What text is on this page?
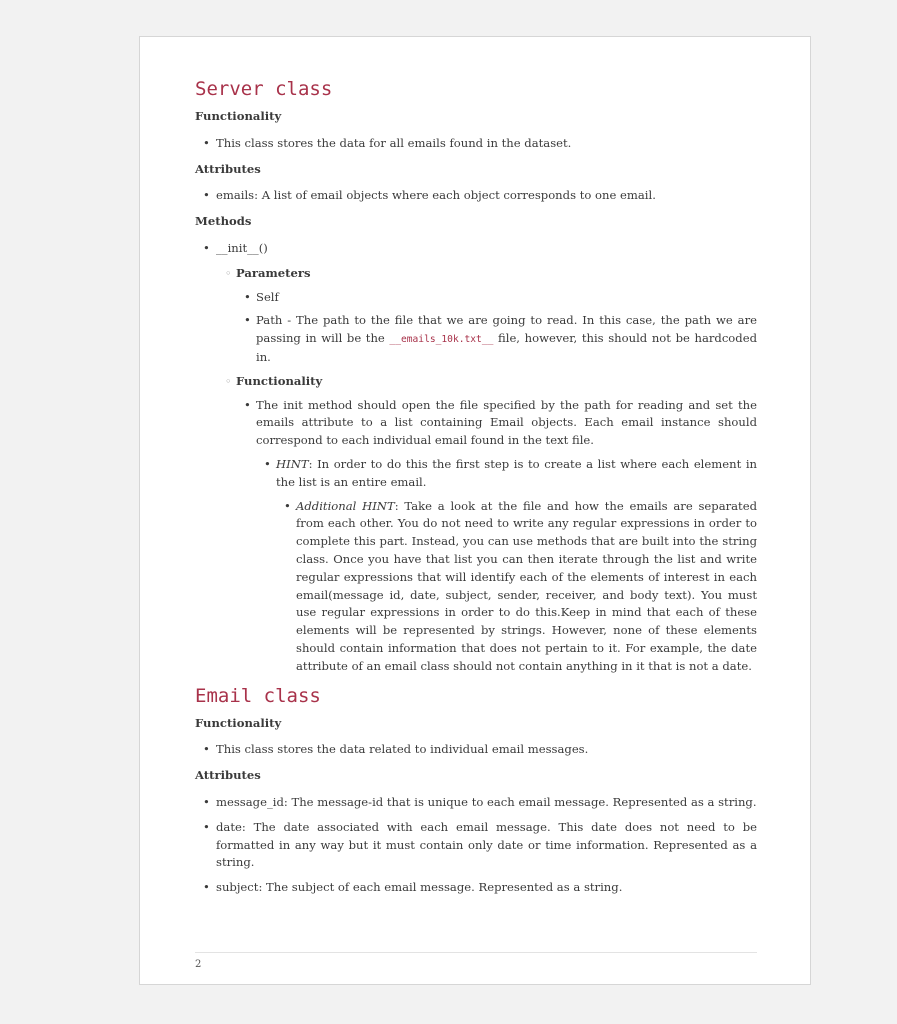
Server class
Functionality
• This class stores the data for all emails found in the dataset.
Attributes
• emails: A list of email objects where each object corresponds to one email.
Methods
• __init__()
◦ Parameters
• Self
• Path - The path to the file that we are going to read. In this case, the path we are passing in will be the __emails_10k.txt__ file, however, this should not be hardcoded in.
◦ Functionality
• The init method should open the file specified by the path for reading and set the emails attribute to a list containing Email objects. Each email instance should correspond to each individual email found in the text file.
• HINT: In order to do this the first step is to create a list where each element in the list is an entire email.
• Additional HINT: Take a look at the file and how the emails are separated from each other. You do not need to write any regular expressions in order to complete this part. Instead, you can use methods that are built into the string class. Once you have that list you can then iterate through the list and write regular expressions that will identify each of the elements of interest in each email(message id, date, subject, sender, receiver, and body text). You must use regular expressions in order to do this.Keep in mind that each of these elements will be represented by strings. However, none of these elements should contain information that does not pertain to it. For example, the date attribute of an email class should not contain anything in it that is not a date.
Email class
Functionality
• This class stores the data related to individual email messages.
Attributes
• message_id: The message-id that is unique to each email message. Represented as a string.
• date: The date associated with each email message. This date does not need to be formatted in any way but it must contain only date or time information. Represented as a string.
• subject: The subject of each email message. Represented as a string.
2
